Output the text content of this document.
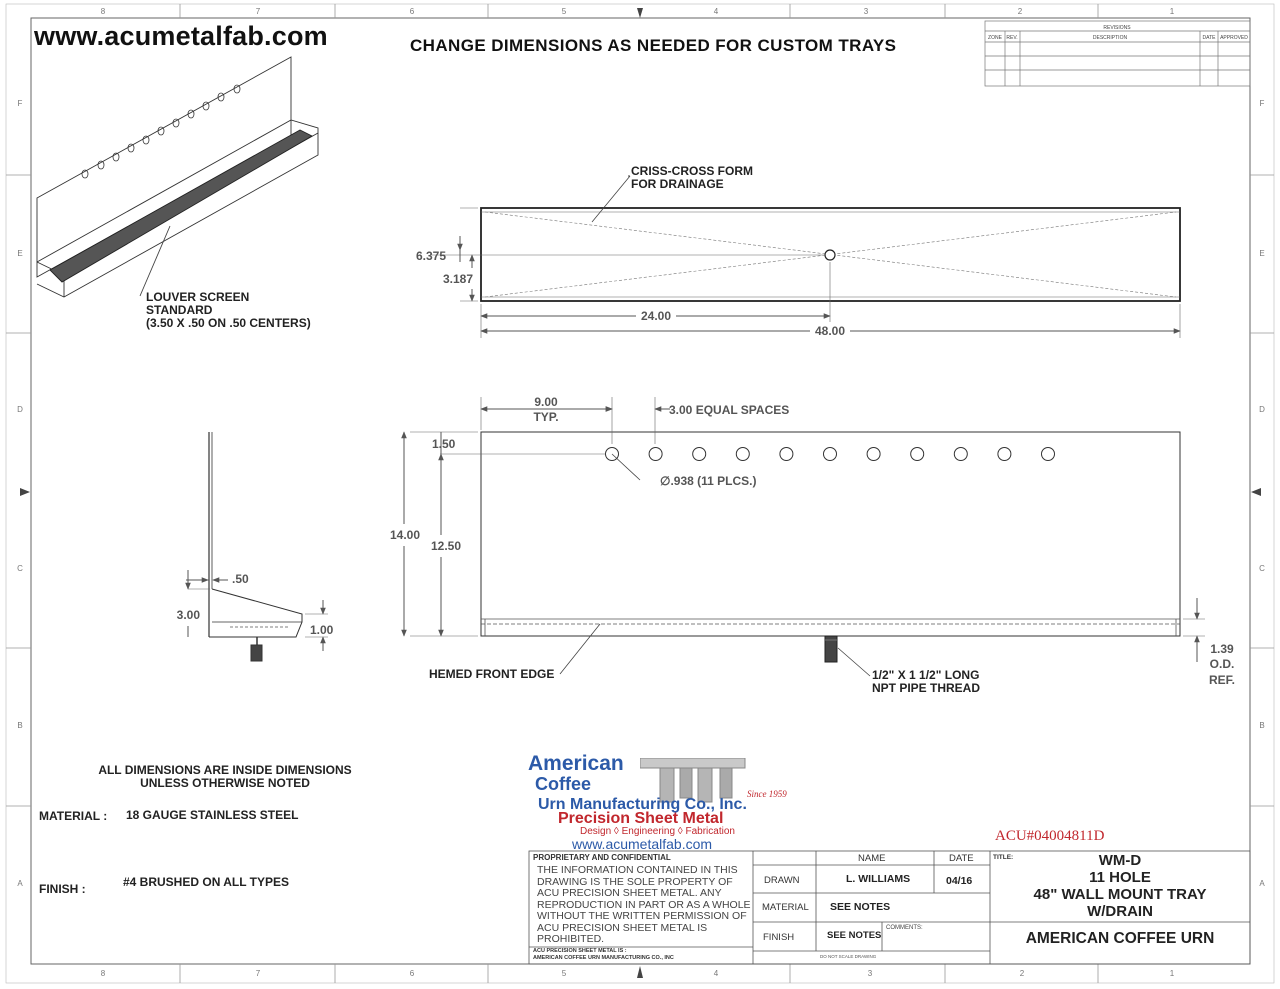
8	7	6	5	4	3	2	1
8	7	6	5	4	3	2	1
F
E
D
C
B
A
F
E
D
C
B
A
REVISIONS
ZONE REV.	DESCRIPTION	DATE APPROVED
6.375
3.187
24.00
48.00
9.00
TYP.	3.00 EQUAL SPACES
1.50
14.00
12.50
∅.938 (11 PLCS.)
1.39
O.D.
REF.
.50
3.00
1.00
www.acumetalfab.com	CHANGE DIMENSIONS AS NEEDED FOR CUSTOM TRAYS
LOUVER SCREEN
STANDARD
(3.50 X .50 ON .50 CENTERS)
CRISS-CROSS FORM
FOR DRAINAGE
HEMED FRONT EDGE	1/2" X 1 1/2" LONG
NPT PIPE THREAD
ALL DIMENSIONS ARE INSIDE DIMENSIONS
UNLESS OTHERWISE NOTED
MATERIAL : 18 GAUGE STAINLESS STEEL
FINISH :	#4 BRUSHED ON ALL TYPES
American
Coffee
Urn Manufacturing Co., Inc.
Since 1959
Precision Sheet Metal
Design ◊ Engineering ◊ Fabrication
www.acumetalfab.com	ACU#04004811D
PROPRIETARY AND CONFIDENTIAL
THE INFORMATION CONTAINED IN THIS
DRAWING IS THE SOLE PROPERTY OF
ACU PRECISION SHEET METAL. ANY
REPRODUCTION IN PART OR AS A WHOLE
WITHOUT THE WRITTEN PERMISSION OF
ACU PRECISION SHEET METAL IS
PROHIBITED.
ACU PRECISION SHEET METAL IS :
AMERICAN COFFEE URN MANUFACTURING CO., INC
NAME	DATE
DRAWN	L. WILLIAMS	04/16
MATERIAL SEE NOTES
FINISH	SEE NOTES
COMMENTS:
DO NOT SCALE DRAWING
TITLE:	WM-D
11 HOLE
48" WALL MOUNT TRAY
W/DRAIN
AMERICAN COFFEE URN
